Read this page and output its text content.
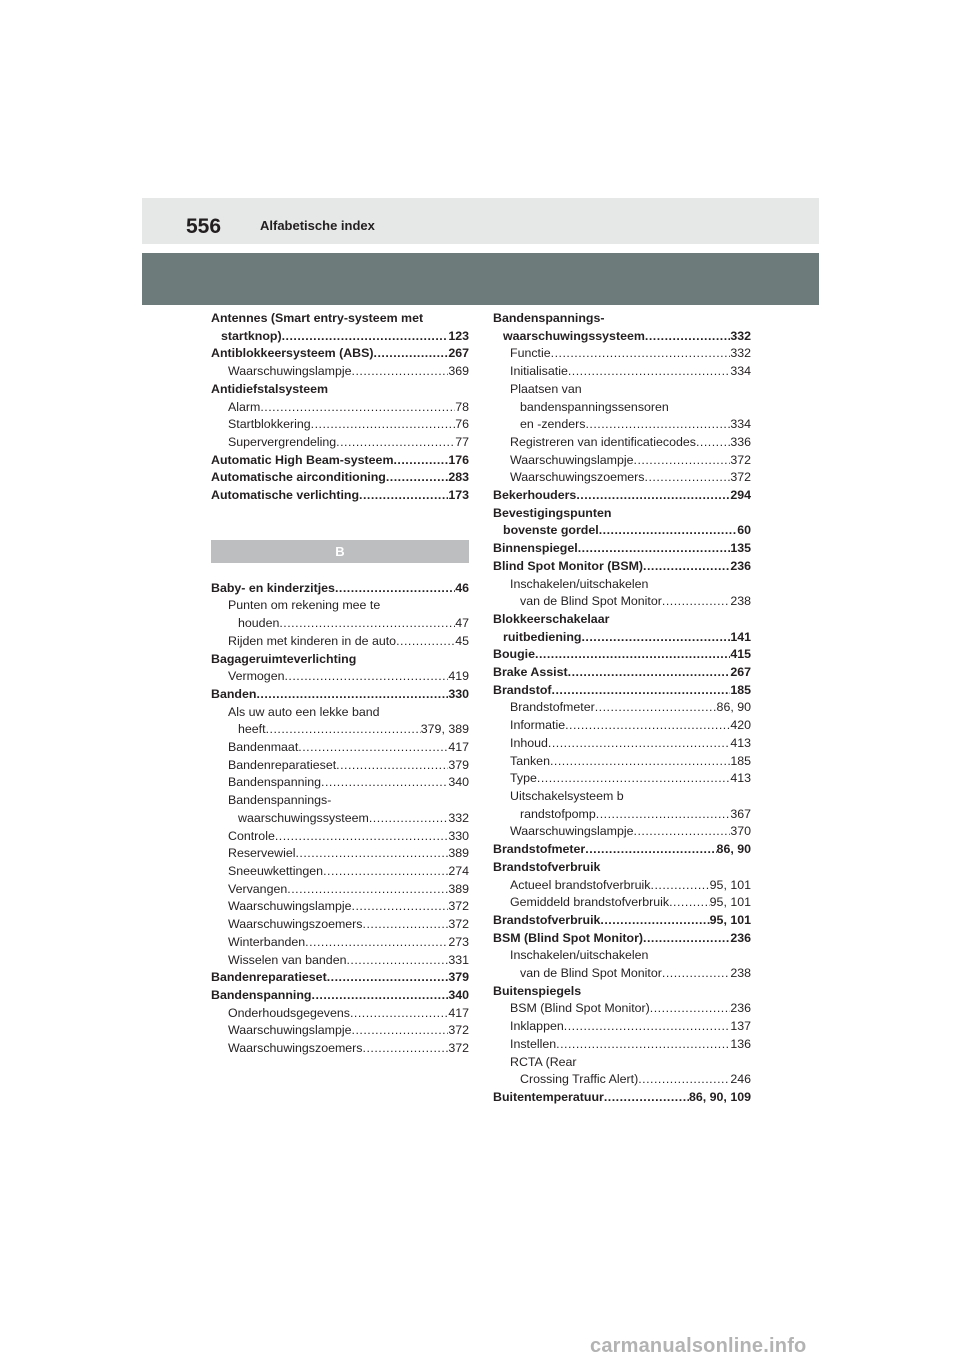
556	Alfabetische index
Antennes (Smart entry-systeem met
startknop) .....	123
Antiblokkeersysteem (ABS) .....	267
Waarschuwingslampje .....	369
Antidiefstalsysteem
Alarm .....	78
Startblokkering .....	76
Supervergrendeling .....	77
Automatic High Beam-systeem .....	176
Automatische airconditioning .....	283
Automatische verlichting .....	173
B
Baby- en kinderzitjes .....	46
Punten om rekening mee te
houden .....	47
Rijden met kinderen in de auto .....	45
Bagageruimteverlichting
Vermogen .....	419
Banden .....	330
Als uw auto een lekke band
heeft .....	379, 389
Bandenmaat .....	417
Bandenreparatieset .....	379
Bandenspanning .....	340
Bandenspannings-
waarschuwingssysteem .....	332
Controle .....	330
Reservewiel .....	389
Sneeuwkettingen .....	274
Vervangen .....	389
Waarschuwingslampje .....	372
Waarschuwingszoemers .....	372
Winterbanden .....	273
Wisselen van banden .....	331
Bandenreparatieset .....	379
Bandenspanning .....	340
Onderhoudsgegevens .....	417
Waarschuwingslampje .....	372
Waarschuwingszoemers .....	372
Bandenspannings-
waarschuwingssysteem .....	332
Functie .....	332
Initialisatie .....	334
Plaatsen van
bandenspanningssensoren
en -zenders .....	334
Registreren van identificatiecodes .....	336
Waarschuwingslampje .....	372
Waarschuwingszoemers .....	372
Bekerhouders .....	294
Bevestigingspunten
bovenste gordel .....	60
Binnenspiegel .....	135
Blind Spot Monitor (BSM) .....	236
Inschakelen/uitschakelen
van de Blind Spot Monitor .....	238
Blokkeerschakelaar
ruitbediening .....	141
Bougie .....	415
Brake Assist .....	267
Brandstof .....	185
Brandstofmeter .....	86, 90
Informatie .....	420
Inhoud .....	413
Tanken .....	185
Type .....	413
Uitschakelsysteem b
randstofpomp .....	367
Waarschuwingslampje .....	370
Brandstofmeter .....	86, 90
Brandstofverbruik
Actueel brandstofverbruik .....	95, 101
Gemiddeld brandstofverbruik .....	95, 101
Brandstofverbruik .....	95, 101
BSM (Blind Spot Monitor) .....	236
Inschakelen/uitschakelen
van de Blind Spot Monitor .....	238
Buitenspiegels
BSM (Blind Spot Monitor) .....	236
Inklappen .....	137
Instellen .....	136
RCTA (Rear
Crossing Traffic Alert) .....	246
Buitentemperatuur .....	86, 90, 109
carmanualsonline.info
